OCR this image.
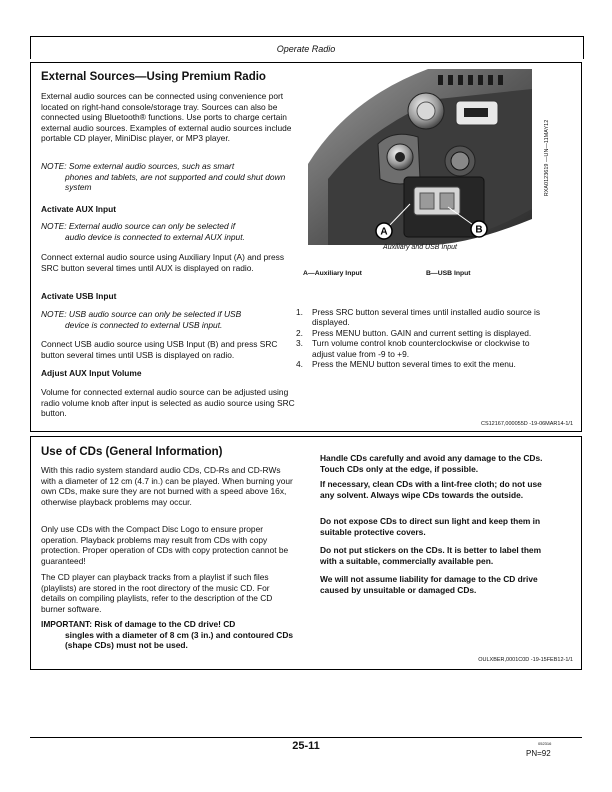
Operate Radio
External Sources—Using Premium Radio
External audio sources can be connected using convenience port located on right-hand console/storage tray. Sources can also be connected using Bluetooth® functions. Use ports to charge certain external audio sources. Examples of external audio sources include portable CD player, MiniDisc player, or MP3 player.
NOTE: Some external audio sources, such as smart
phones and tablets, are not supported and could shut down system
Activate AUX Input
NOTE: External audio source can only be selected if
audio device is connected to external AUX input.
Connect external audio source using Auxiliary Input (A) and press SRC button several times until AUX is displayed on radio.
Activate USB Input
NOTE: USB audio source can only be selected if USB
device is connected to external USB input.
Connect USB audio source using USB Input (B) and press SRC button several times until USB is displayed on radio.
Adjust AUX Input Volume
Volume for connected external audio source can be adjusted using radio volume knob after input is selected as audio source using SRC button.
A	B
RXA0123619 —UN—11MAY12
Auxiliary and USB Input
A—Auxiliary Input	B—USB Input
1. Press SRC button several times until installed audio source is displayed.
2. Press MENU button. GAIN and current setting is displayed.
3. Turn volume control knob counterclockwise or clockwise to adjust value from -9 to +9.
4. Press the MENU button several times to exit the menu.
CS12167,000055D -19-06MAR14-1/1
Use of CDs (General Information)
With this radio system standard audio CDs, CD-Rs and CD-RWs with a diameter of 12 cm (4.7 in.) can be played. When burning your own CDs, make sure they are not burned with a speed above 16x, otherwise playback problems may occur.
Only use CDs with the Compact Disc Logo to ensure proper operation. Playback problems may result from CDs with copy protection. Proper operation of CDs with copy protection cannot be guaranteed!
The CD player can playback tracks from a playlist if such files (playlists) are stored in the root directory of the music CD. For details on compiling playlists, refer to the description of the CD burner software.
IMPORTANT: Risk of damage to the CD drive! CD
singles with a diameter of 8 cm (3 in.) and contoured CDs (shape CDs) must not be used.
Handle CDs carefully and avoid any damage to the CDs. Touch CDs only at the edge, if possible.
If necessary, clean CDs with a lint-free cloth; do not use any solvent. Always wipe CDs towards the outside.
Do not expose CDs to direct sun light and keep them in suitable protective covers.
Do not put stickers on the CDs. It is better to label them with a suitable, commercially available pen.
We will not assume liability for damage to the CD drive caused by unsuitable or damaged CDs.
OULXBER,0001C0D -19-15FEB12-1/1
25-11	052316
PN=92
